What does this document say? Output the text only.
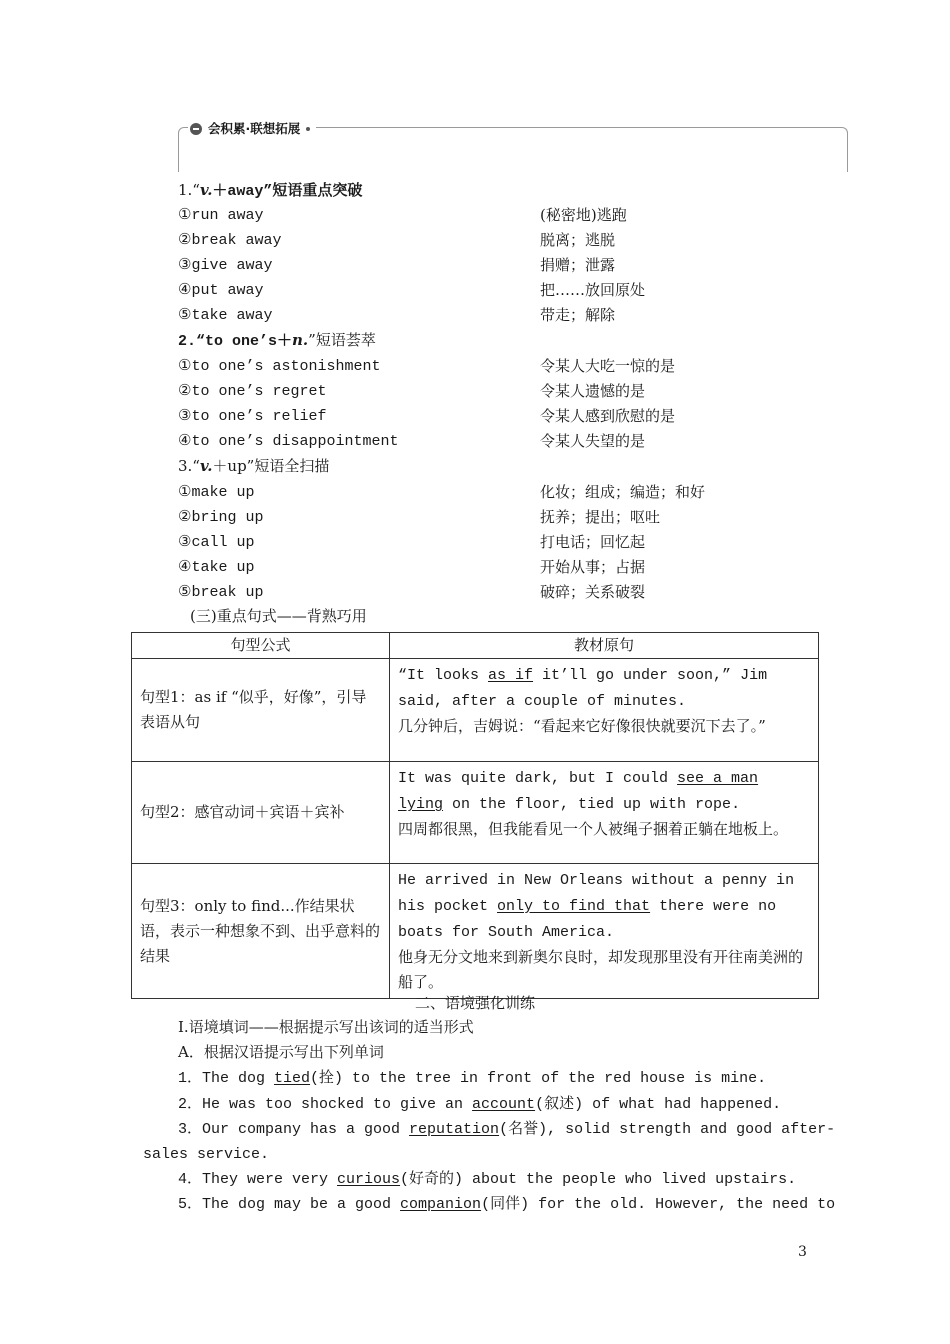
会积累·联想拓展
1.“v.＋away”短语重点突破
①run away	(秘密地)逃跑
②break away	脱离；逃脱
③give away	捐赠；泄露
④put away	把……放回原处
⑤take away	带走；解除
2.“to one’s＋n.”短语荟萃
①to one’s astonishment	令某人大吃一惊的是
②to one’s regret	令某人遗憾的是
③to one’s relief	令某人感到欣慰的是
④to one’s disappointment	令某人失望的是
3.“v.＋up”短语全扫描
①make up	化妆；组成；编造；和好
②bring up	抚养；提出；呕吐
③call up	打电话；回忆起
④take up	开始从事；占据
⑤break up	破碎；关系破裂
(三)重点句式——背熟巧用
句型公式	教材原句
句型1：as if “似乎，好像”，引导表语从句	“It looks as if it’ll go under soon,” Jim said, after a couple of minutes.
几分钟后，吉姆说：“看起来它好像很快就要沉下去了。”
句型2：感官动词＋宾语＋宾补	It was quite dark, but I could see a man lying on the floor, tied up with rope.
四周都很黑，但我能看见一个人被绳子捆着正躺在地板上。
句型3：only to find...作结果状语，表示一种想象不到、出乎意料的结果	He arrived in New Orleans without a penny in his pocket only to find that there were no boats for South America.
他身无分文地来到新奥尔良时，却发现那里没有开往南美洲的船了。
二、语境强化训练
Ⅰ.语境填词——根据提示写出该词的适当形式
A．根据汉语提示写出下列单词
1．The dog tied(拴) to the tree in front of the red house is mine.
2．He was too shocked to give an account(叙述) of what had happened.
3．Our company has a good reputation(名誉), solid strength and good after-
sales service.
4．They were very curious(好奇的) about the people who lived upstairs.
5．The dog may be a good companion(同伴) for the old. However, the need to
3
